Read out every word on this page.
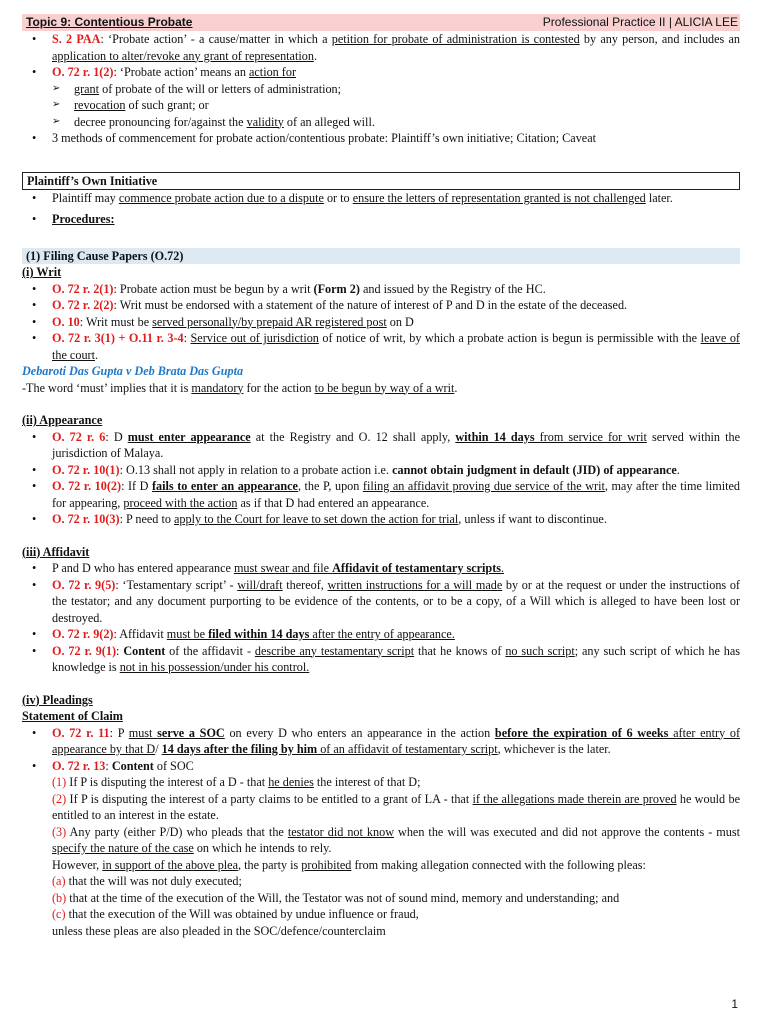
Topic 9: Contentious Probate	Professional Practice II | ALICIA LEE
• S. 2 PAA: ‘Probate action’ - a cause/matter in which a petition for probate of administration is contested by any person, and includes an application to alter/revoke any grant of representation.
• O. 72 r. 1(2): ‘Probate action’ means an action for
➢ grant of probate of the will or letters of administration;
➢ revocation of such grant; or
➢ decree pronouncing for/against the validity of an alleged will.
• 3 methods of commencement for probate action/contentious probate: Plaintiff’s own initiative; Citation; Caveat
Plaintiff’s Own Initiative
• Plaintiff may commence probate action due to a dispute or to ensure the letters of representation granted is not challenged later.
• Procedures:
(1) Filing Cause Papers (O.72)
(i) Writ
• O. 72 r. 2(1): Probate action must be begun by a writ (Form 2) and issued by the Registry of the HC.
• O. 72 r. 2(2): Writ must be endorsed with a statement of the nature of interest of P and D in the estate of the deceased.
• O. 10: Writ must be served personally/by prepaid AR registered post on D
• O. 72 r. 3(1) + O.11 r. 3-4: Service out of jurisdiction of notice of writ, by which a probate action is begun is permissible with the leave of the court.
Debaroti Das Gupta v Deb Brata Das Gupta
-The word ‘must’ implies that it is mandatory for the action to be begun by way of a writ.
(ii) Appearance
• O. 72 r. 6: D must enter appearance at the Registry and O. 12 shall apply, within 14 days from service for writ served within the jurisdiction of Malaya.
• O. 72 r. 10(1): O.13 shall not apply in relation to a probate action i.e. cannot obtain judgment in default (JID) of appearance.
• O. 72 r. 10(2): If D fails to enter an appearance, the P, upon filing an affidavit proving due service of the writ, may after the time limited for appearing, proceed with the action as if that D had entered an appearance.
• O. 72 r. 10(3): P need to apply to the Court for leave to set down the action for trial, unless if want to discontinue.
(iii) Affidavit
• P and D who has entered appearance must swear and file Affidavit of testamentary scripts.
• O. 72 r. 9(5): ‘Testamentary script’ - will/draft thereof, written instructions for a will made by or at the request or under the instructions of the testator; and any document purporting to be evidence of the contents, or to be a copy, of a Will which is alleged to have been lost or destroyed.
• O. 72 r. 9(2): Affidavit must be filed within 14 days after the entry of appearance.
• O. 72 r. 9(1): Content of the affidavit - describe any testamentary script that he knows of no such script; any such script of which he has knowledge is not in his possession/under his control.
(iv) Pleadings
Statement of Claim
• O. 72 r. 11: P must serve a SOC on every D who enters an appearance in the action before the expiration of 6 weeks after entry of appearance by that D/ 14 days after the filing by him of an affidavit of testamentary script, whichever is the later.
• O. 72 r. 13: Content of SOC
(1) If P is disputing the interest of a D - that he denies the interest of that D;
(2) If P is disputing the interest of a party claims to be entitled to a grant of LA - that if the allegations made therein are proved he would be entitled to an interest in the estate.
(3) Any party (either P/D) who pleads that the testator did not know when the will was executed and did not approve the contents - must specify the nature of the case on which he intends to rely.
However, in support of the above plea, the party is prohibited from making allegation connected with the following pleas:
(a) that the will was not duly executed;
(b) that at the time of the execution of the Will, the Testator was not of sound mind, memory and understanding; and
(c) that the execution of the Will was obtained by undue influence or fraud,
unless these pleas are also pleaded in the SOC/defence/counterclaim
1
